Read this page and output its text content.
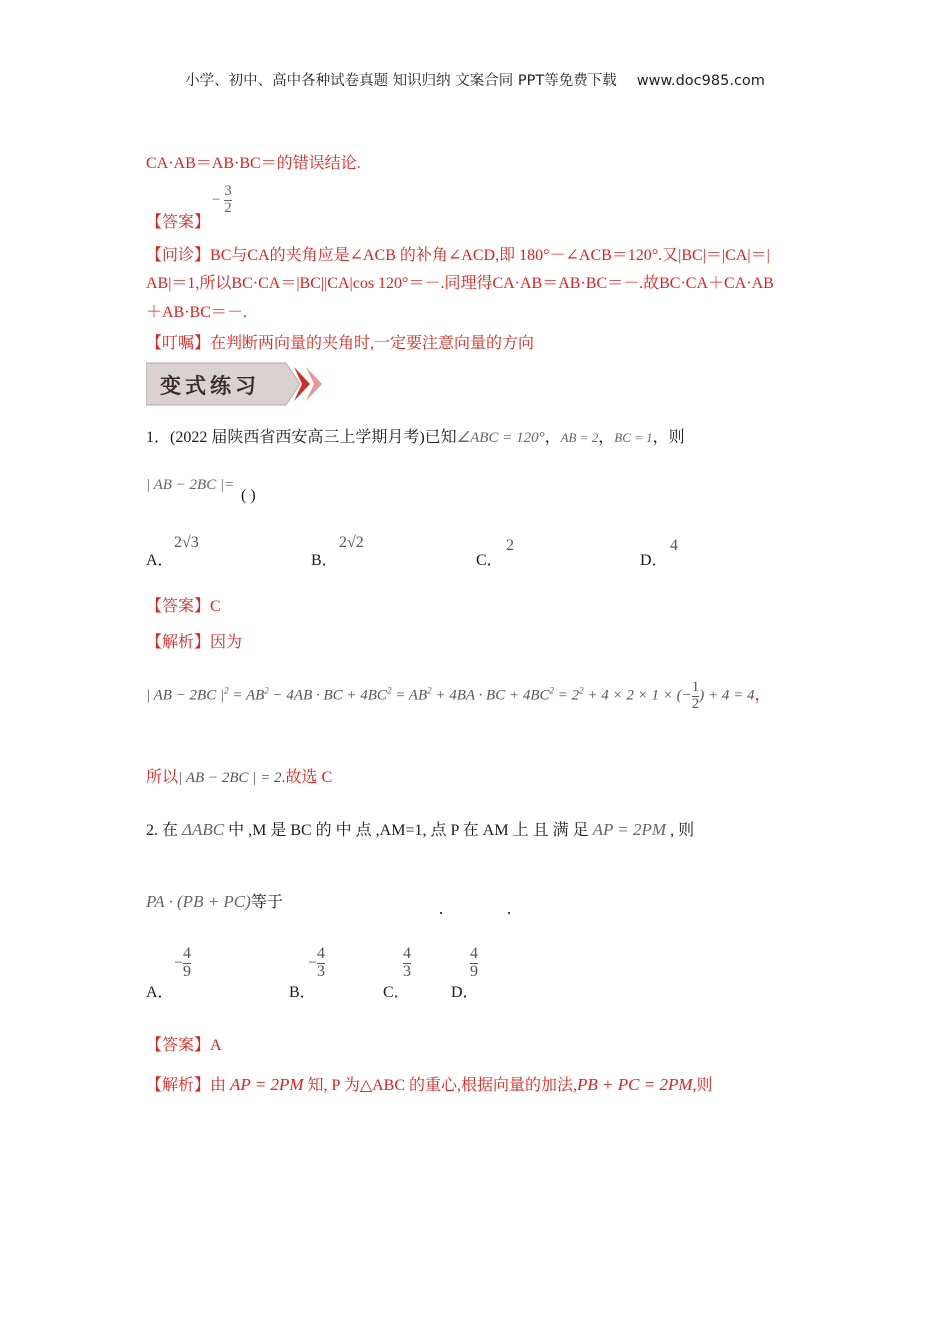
小学、初中、高中各种试卷真题 知识归纳 文案合同 PPT等免费下载 www.doc985.com
CA·AB＝AB·BC＝的错误结论.
【答案】
− $\frac{3}{2}$
【问诊】BC与CA的夹角应是∠ACB 的补角∠ACD,即 180°－∠ACB＝120°.又|BC|＝|CA|＝|
AB|＝1,所以BC·CA＝|BC||CA|cos 120°＝－.同理得CA·AB＝AB·BC＝－.故BC·CA＋CA·AB
＋AB·BC＝－.
【叮嘱】在判断两向量的夹角时,一定要注意向量的方向
变式练习
1．(2022 届陕西省西安高三上学期月考)已知∠ABC = 120°，AB = 2，BC = 1，则
| AB − 2BC |=
( )
A．
2√3
B．
2√2
C．
2
D．
4
【答案】C
【解析】因为
| AB − 2BC $|^2 = AB^2 - 4AB$ · BC + $4BC^2 = AB^2 + 4BA$ · BC + $4BC^2 = 2^2 + 4 \times 2 \times 1$ × (− $\frac{1}{2}$ ) + 4 = 4，
所以| AB − 2BC | = 2.故选 C
2. 在 ΔABC 中 ,M 是 BC 的 中 点 ,AM=1, 点 P 在 AM 上 且 满 足 AP = 2PM , 则
PA · (PB + PC)等于
A．
− $\frac{4}{9}$
B．
− $\frac{4}{3}$
C．
$\frac{4}{3}$
D．
$\frac{4}{9}$
【答案】A
【解析】由 AP = 2PM 知, P 为△ABC 的重心,根据向量的加法,PB + PC = 2PM,则
